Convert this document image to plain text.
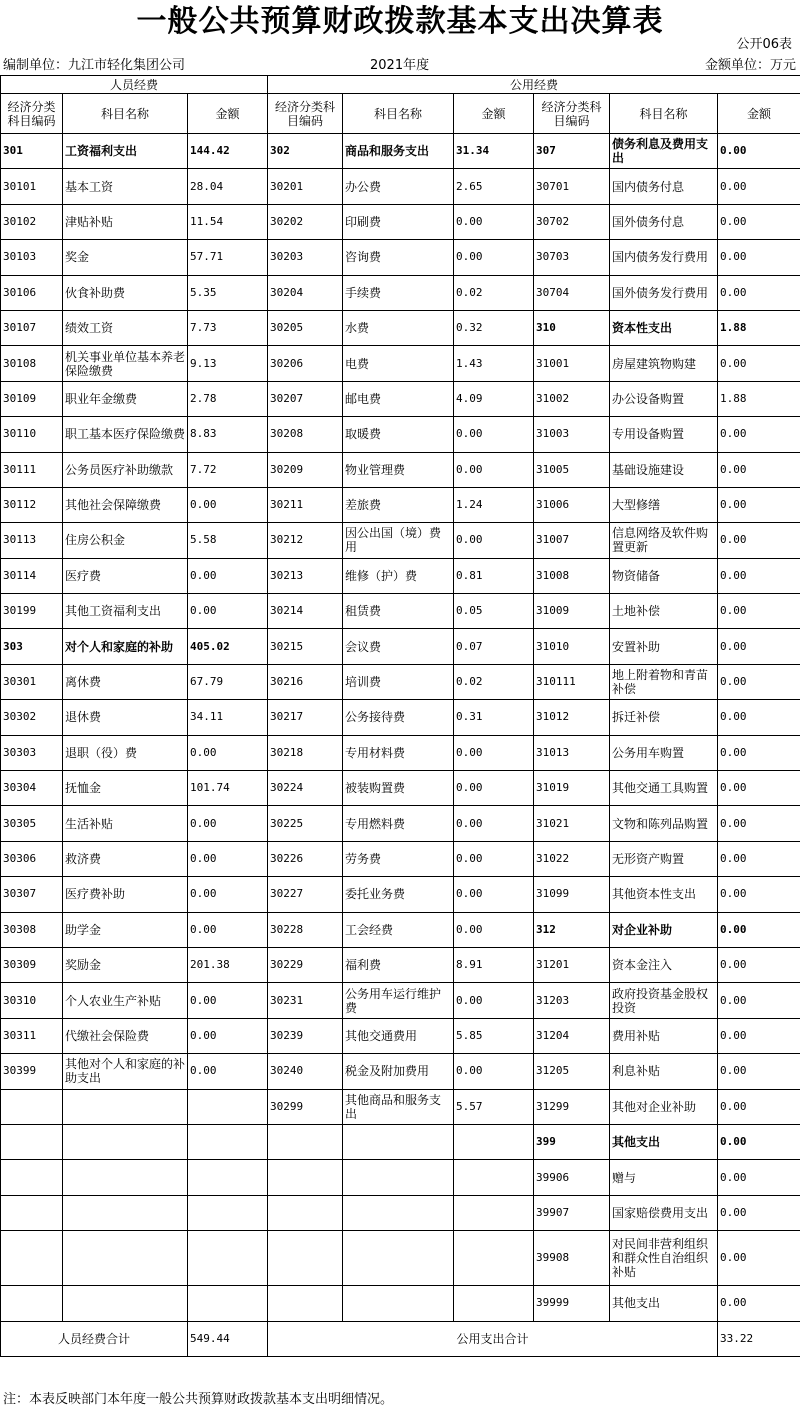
一般公共预算财政拨款基本支出决算表
公开06表
编制单位：九江市轻化集团公司	2021年度	金额单位：万元
人员经费			公用经费					
经济分类科目编码	科目名称	金额	经济分类科目编码	科目名称	金额	经济分类科目编码	科目名称	金额
301	工资福利支出	144.42	302	商品和服务支出	31.34	307	债务利息及费用支出	0.00
30101	基本工资	28.04	30201	办公费	2.65	30701	国内债务付息	0.00
30102	津贴补贴	11.54	30202	印刷费	0.00	30702	国外债务付息	0.00
30103	奖金	57.71	30203	咨询费	0.00	30703	国内债务发行费用	0.00
30106	伙食补助费	5.35	30204	手续费	0.02	30704	国外债务发行费用	0.00
30107	绩效工资	7.73	30205	水费	0.32	310	资本性支出	1.88
30108	机关事业单位基本养老保险缴费	9.13	30206	电费	1.43	31001	房屋建筑物购建	0.00
30109	职业年金缴费	2.78	30207	邮电费	4.09	31002	办公设备购置	1.88
30110	职工基本医疗保险缴费	8.83	30208	取暖费	0.00	31003	专用设备购置	0.00
30111	公务员医疗补助缴款	7.72	30209	物业管理费	0.00	31005	基础设施建设	0.00
30112	其他社会保障缴费	0.00	30211	差旅费	1.24	31006	大型修缮	0.00
30113	住房公积金	5.58	30212	因公出国（境）费用	0.00	31007	信息网络及软件购置更新	0.00
30114	医疗费	0.00	30213	维修（护）费	0.81	31008	物资储备	0.00
30199	其他工资福利支出	0.00	30214	租赁费	0.05	31009	土地补偿	0.00
303	对个人和家庭的补助	405.02	30215	会议费	0.07	31010	安置补助	0.00
30301	离休费	67.79	30216	培训费	0.02	310111	地上附着物和青苗补偿	0.00
30302	退休费	34.11	30217	公务接待费	0.31	31012	拆迁补偿	0.00
30303	退职（役）费	0.00	30218	专用材料费	0.00	31013	公务用车购置	0.00
30304	抚恤金	101.74	30224	被装购置费	0.00	31019	其他交通工具购置	0.00
30305	生活补贴	0.00	30225	专用燃料费	0.00	31021	文物和陈列品购置	0.00
30306	救济费	0.00	30226	劳务费	0.00	31022	无形资产购置	0.00
30307	医疗费补助	0.00	30227	委托业务费	0.00	31099	其他资本性支出	0.00
30308	助学金	0.00	30228	工会经费	0.00	312	对企业补助	0.00
30309	奖励金	201.38	30229	福利费	8.91	31201	资本金注入	0.00
30310	个人农业生产补贴	0.00	30231	公务用车运行维护费	0.00	31203	政府投资基金股权投资	0.00
30311	代缴社会保险费	0.00	30239	其他交通费用	5.85	31204	费用补贴	0.00
30399	其他对个人和家庭的补助支出	0.00	30240	税金及附加费用	0.00	31205	利息补贴	0.00
			30299	其他商品和服务支出	5.57	31299	其他对企业补助	0.00
						399	其他支出	0.00
						39906	赠与	0.00
						39907	国家赔偿费用支出	0.00
						39908	对民间非营利组织和群众性自治组织补贴	0.00
						39999	其他支出	0.00
人员经费合计		549.44	公用支出合计					33.22
注：本表反映部门本年度一般公共预算财政拨款基本支出明细情况。
